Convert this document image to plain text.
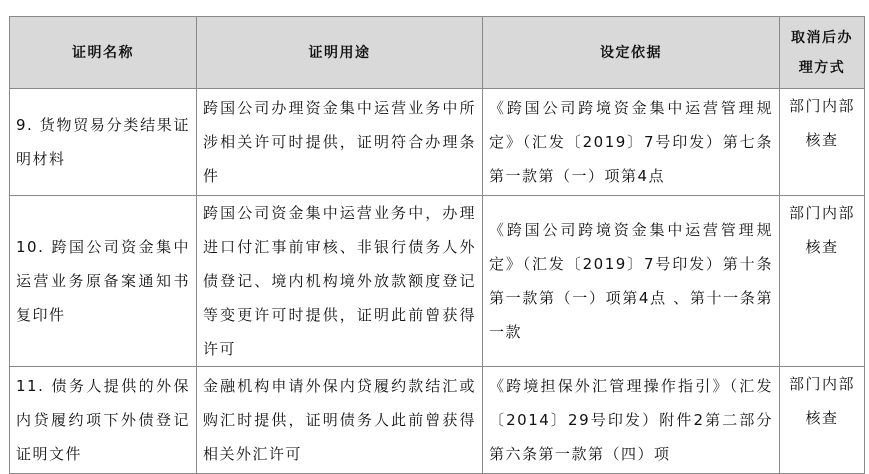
证明名称	证明用途	设定依据	取消后办理方式
9. 货物贸易分类结果证明材料	跨国公司办理资金集中运营业务中所涉相关许可时提供，证明符合办理条件	《跨国公司跨境资金集中运营管理规定》（汇发〔2019〕7号印发）第七条第一款第（一）项第4点	部门内部核查
10. 跨国公司资金集中运营业务原备案通知书复印件	跨国公司资金集中运营业务中，办理进口付汇事前审核、非银行债务人外债登记、境内机构境外放款额度登记等变更许可时提供，证明此前曾获得许可	《跨国公司跨境资金集中运营管理规定》（汇发〔2019〕7号印发）第十条第一款第（一）项第4点 、第十一条第一款	部门内部核查
11. 债务人提供的外保内贷履约项下外债登记证明文件	金融机构申请外保内贷履约款结汇或购汇时提供，证明债务人此前曾获得相关外汇许可	《跨境担保外汇管理操作指引》（汇发〔2014〕29号印发）附件2第二部分第六条第一款第（四）项	部门内部核查
